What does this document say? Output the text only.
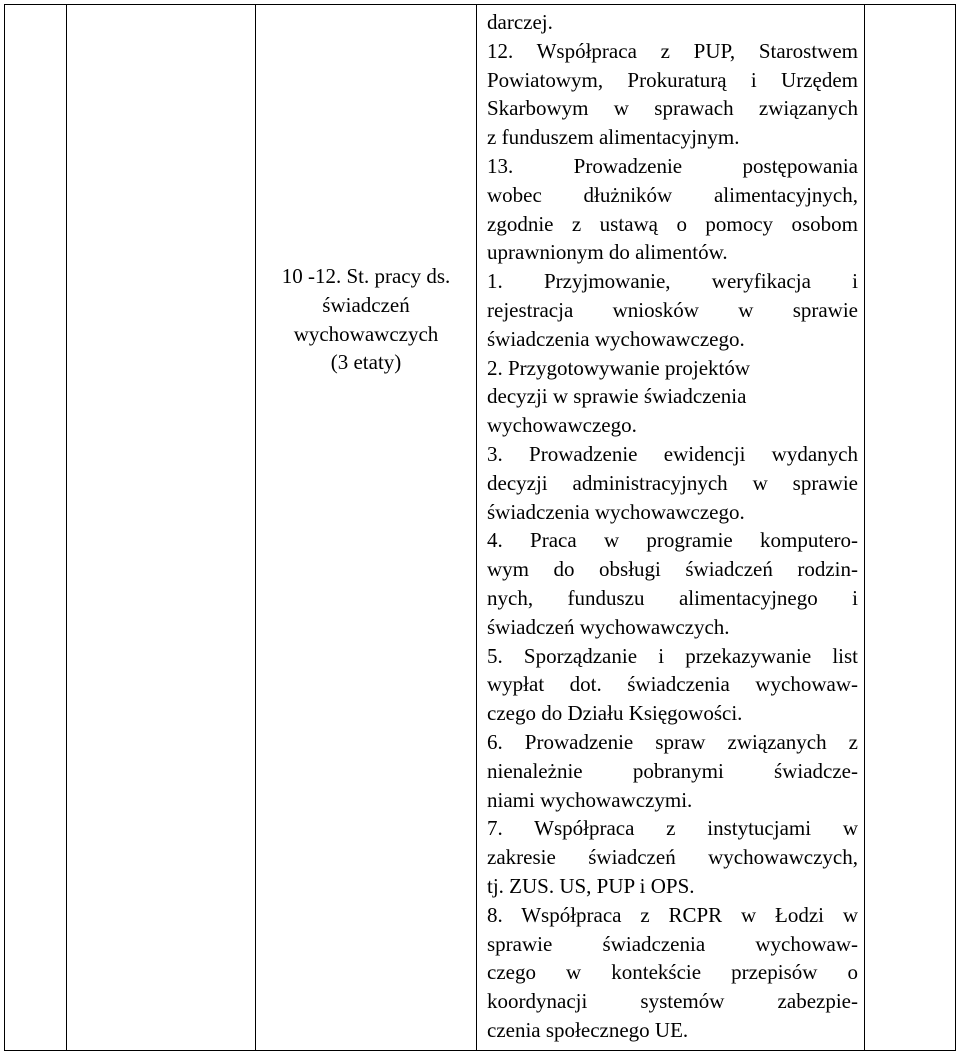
10 -12. St. pracy ds.
świadczeń
wychowawczych
(3 etaty)

darczej.
12. Współpraca z PUP, Starostwem
Powiatowym, Prokuraturą i Urzędem
Skarbowym w sprawach związanych
z funduszem alimentacyjnym.
13. Prowadzenie postępowania
wobec dłużników alimentacyjnych,
zgodnie z ustawą o pomocy osobom
uprawnionym do alimentów.
1. Przyjmowanie, weryfikacja i
rejestracja wniosków w sprawie
świadczenia wychowawczego.
2. Przygotowywanie projektów
decyzji w sprawie świadczenia
wychowawczego.
3. Prowadzenie ewidencji wydanych
decyzji administracyjnych w sprawie
świadczenia wychowawczego.
4. Praca w programie komputero-
wym do obsługi świadczeń rodzin-
nych, funduszu alimentacyjnego i
świadczeń wychowawczych.
5. Sporządzanie i przekazywanie list
wypłat dot. świadczenia wychowaw-
czego do Działu Księgowości.
6. Prowadzenie spraw związanych z
nienależnie pobranymi świadcze-
niami wychowawczymi.
7. Współpraca z instytucjami w
zakresie świadczeń wychowawczych,
tj. ZUS. US, PUP i OPS.
8. Współpraca z RCPR w Łodzi w
sprawie świadczenia wychowaw-
czego w kontekście przepisów o
koordynacji systemów zabezpie-
czenia społecznego UE.
